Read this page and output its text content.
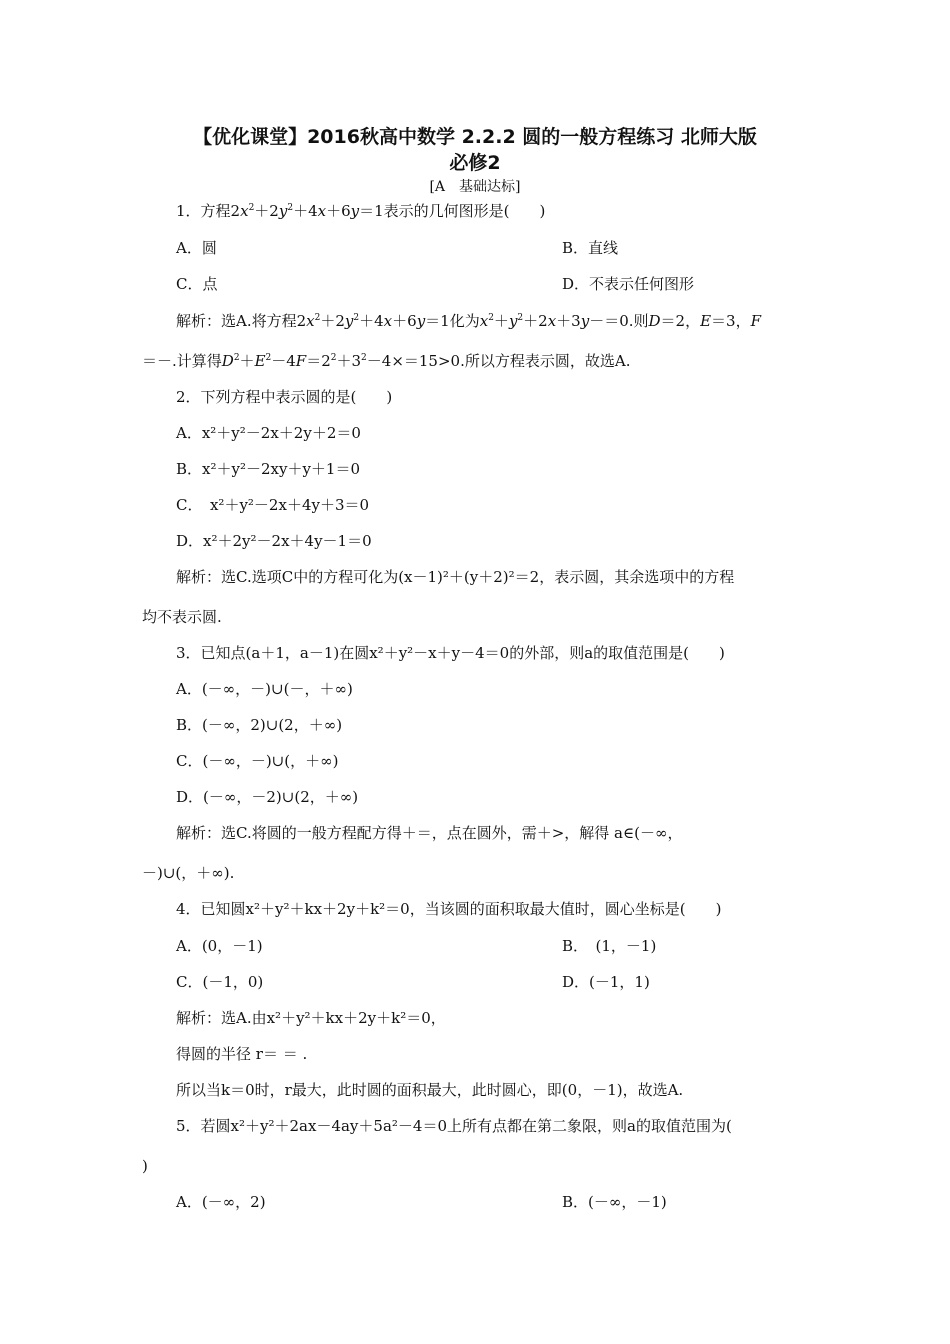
【优化课堂】2016秋高中数学 2.2.2 圆的一般方程练习 北师大版
必修2
[A　基础达标]
1．方程$2x^2+2y^2+4x+6y=1$表示的几何图形是(　　)
A．圆	B．直线
C．点	D．不表示任何图形
解析：选A.将方程$2x^2+2y^2+4x+6y=1$化为$x^2+y^2+2x+3y-=0$.则D＝2，E＝3，F
＝－.计算得$D^2+E^2-4F=2^2+3^2-4\times=15>0$.所以方程表示圆，故选A.
2．下列方程中表示圆的是(　　)
A．x²＋y²－2x＋2y＋2＝0
B．x²＋y²－2xy＋y＋1＝0
C．　x²＋y²－2x＋4y＋3＝0
D．x²＋2y²－2x＋4y－1＝0
解析：选C.选项C中的方程可化为(x－1)²＋(y＋2)²＝2，表示圆，其余选项中的方程
均不表示圆.
3．已知点(a＋1，a－1)在圆x²＋y²－x＋y－4＝0的外部，则a的取值范围是(　　)
A．(－∞，－)∪(－，＋∞)
B．(－∞，2)∪(2，＋∞)
C．(－∞，－)∪(，＋∞)
D．(－∞，－2)∪(2，＋∞)
解析：选C.将圆的一般方程配方得＋＝，点在圆外，需＋>，解得 a∈(－∞，
－)∪(，＋∞).
4．已知圆x²＋y²＋kx＋2y＋k²＝0，当该圆的面积取最大值时，圆心坐标是(　　)
A．(0，－1)	B．　(1，－1)
C．(－1，0)	D．(－1，1)
解析：选A.由x²＋y²＋kx＋2y＋k²＝0，
得圆的半径 r＝ ＝ .
所以当k＝0时，r最大，此时圆的面积最大，此时圆心，即(0，－1)，故选A.
5．若圆x²＋y²＋2ax－4ay＋5a²－4＝0上所有点都在第二象限，则a的取值范围为(
)
A．(－∞，2)	B．(－∞，－1)
